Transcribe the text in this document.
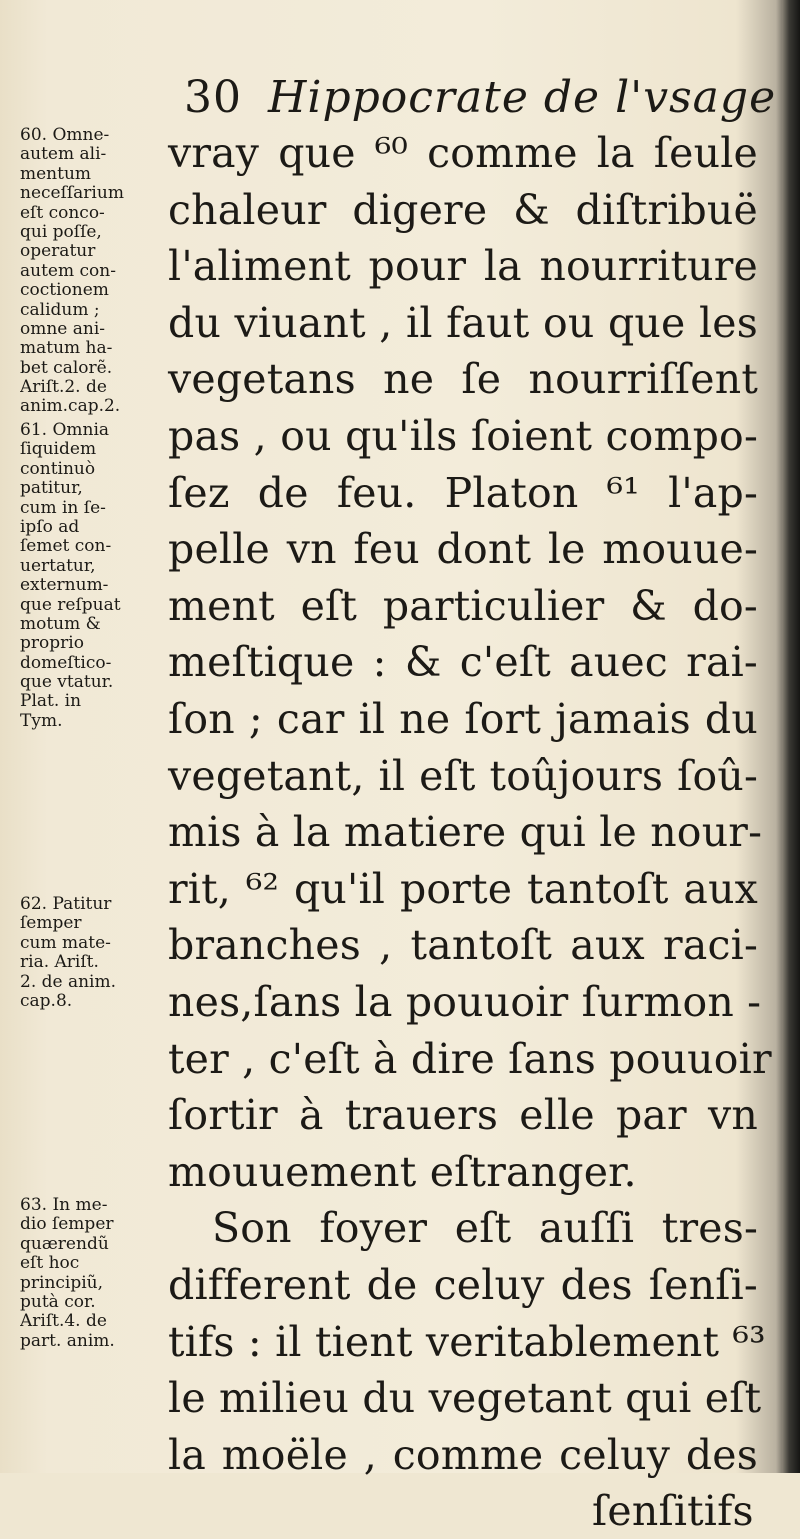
30 Hippocrate de l'vsage
vray que ⁶⁰ comme la ſeule
chaleur digere & diſtribuë
l'aliment pour la nourriture
du viuant , il faut ou que les
vegetans ne ſe nourriſſent
pas , ou qu'ils ſoient compo-
ſez de feu. Platon ⁶¹ l'ap-
pelle vn feu dont le mouue-
ment eſt particulier & do-
meſtique : & c'eſt auec rai-
ſon ; car il ne ſort jamais du
vegetant, il eſt toûjours ſoû-
mis à la matiere qui le nour-
rit, ⁶² qu'il porte tantoſt aux
branches , tantoſt aux raci-
nes,ſans la pouuoir ſurmon -
ter , c'eſt à dire ſans pouuoir
ſortir à trauers elle par vn
mouuement eſtranger.
Son foyer eſt auſſi tres-
different de celuy des ſenſi-
tifs : il tient veritablement ⁶³
le milieu du vegetant qui eſt
la moële , comme celuy des
ſenſitifs
60. Omne-
autem ali-
mentum
neceſſarium
eſt conco-
qui poſſe,
operatur
autem con-
coctionem
calidum ;
omne ani-
matum ha-
bet calorẽ.
Ariſt.2. de
anim.cap.2.
61. Omnia
ſiquidem
continuò
patitur,
cum in ſe-
ipſo ad
ſemet con-
uertatur,
externum-
que reſpuat
motum &
proprio
domeſtico-
que vtatur.
Plat. in
Tym.
62. Patitur
ſemper
cum mate-
ria. Ariſt.
2. de anim.
cap.8.
63. In me-
dio ſemper
quærendũ
eſt hoc
principiũ,
putà cor.
Ariſt.4. de
part. anim.
